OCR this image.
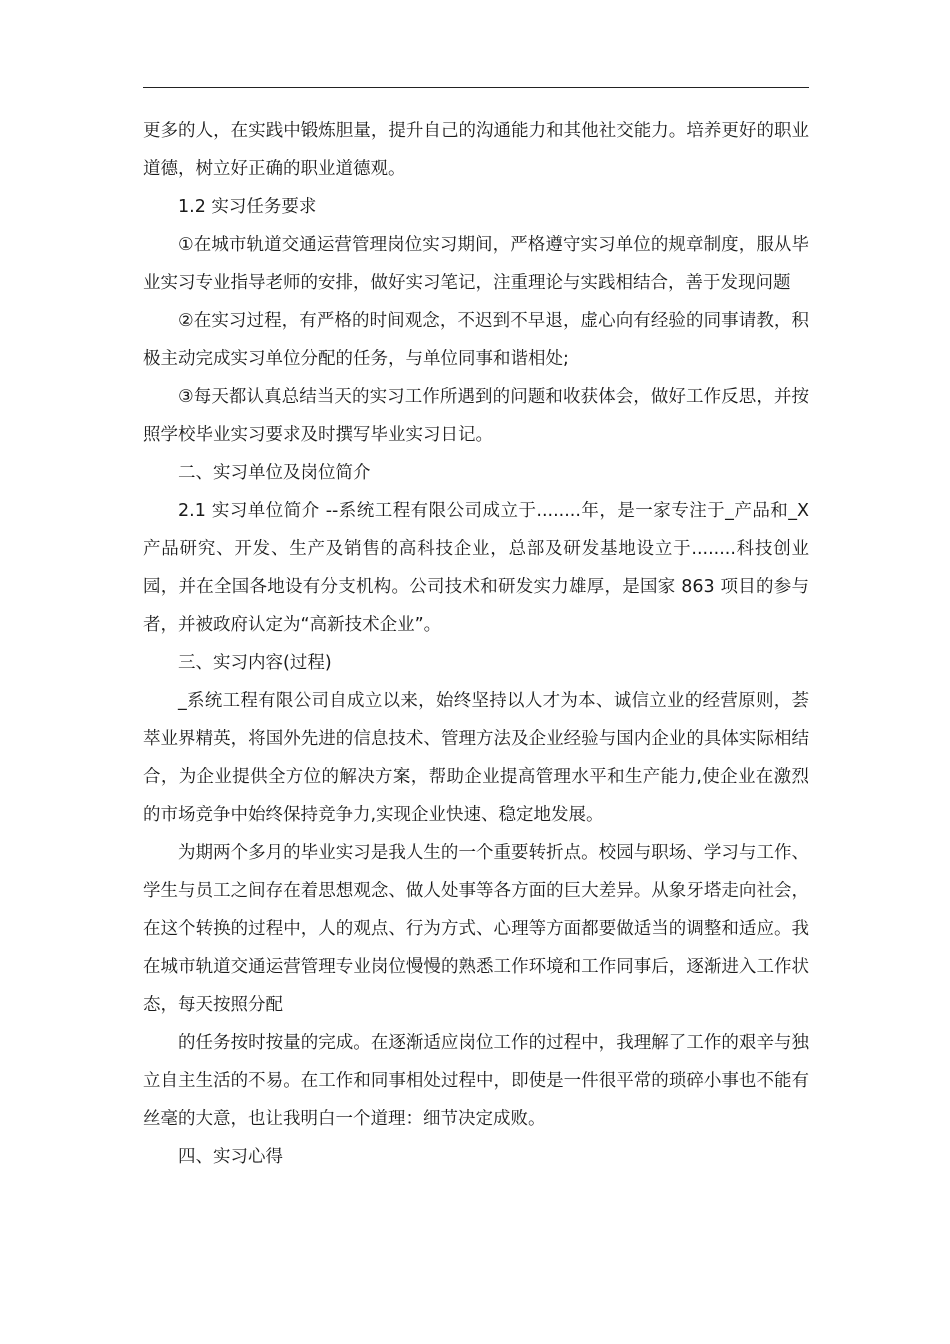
更多的人，在实践中锻炼胆量，提升自己的沟通能力和其他社交能力。培养更好的职业道德，树立好正确的职业道德观。

1.2 实习任务要求

①在城市轨道交通运营管理岗位实习期间，严格遵守实习单位的规章制度，服从毕业实习专业指导老师的安排，做好实习笔记，注重理论与实践相结合，善于发现问题

②在实习过程，有严格的时间观念，不迟到不早退，虚心向有经验的同事请教，积极主动完成实习单位分配的任务，与单位同事和谐相处;

③每天都认真总结当天的实习工作所遇到的问题和收获体会，做好工作反思，并按照学校毕业实习要求及时撰写毕业实习日记。

二、实习单位及岗位简介

2.1 实习单位简介 --系统工程有限公司成立于........年，是一家专注于_产品和_X 产品研究、开发、生产及销售的高科技企业，总部及研发基地设立于........科技创业园，并在全国各地设有分支机构。公司技术和研发实力雄厚，是国家 863 项目的参与者，并被政府认定为“高新技术企业”。

三、实习内容(过程)

_系统工程有限公司自成立以来，始终坚持以人才为本、诚信立业的经营原则，荟萃业界精英，将国外先进的信息技术、管理方法及企业经验与国内企业的具体实际相结合，为企业提供全方位的解决方案，帮助企业提高管理水平和生产能力,使企业在激烈的市场竞争中始终保持竞争力,实现企业快速、稳定地发展。

为期两个多月的毕业实习是我人生的一个重要转折点。校园与职场、学习与工作、学生与员工之间存在着思想观念、做人处事等各方面的巨大差异。从象牙塔走向社会，在这个转换的过程中，人的观点、行为方式、心理等方面都要做适当的调整和适应。我在城市轨道交通运营管理专业岗位慢慢的熟悉工作环境和工作同事后，逐渐进入工作状态，每天按照分配

的任务按时按量的完成。在逐渐适应岗位工作的过程中，我理解了工作的艰辛与独立自主生活的不易。在工作和同事相处过程中，即使是一件很平常的琐碎小事也不能有丝毫的大意，也让我明白一个道理：细节决定成败。

四、实习心得
